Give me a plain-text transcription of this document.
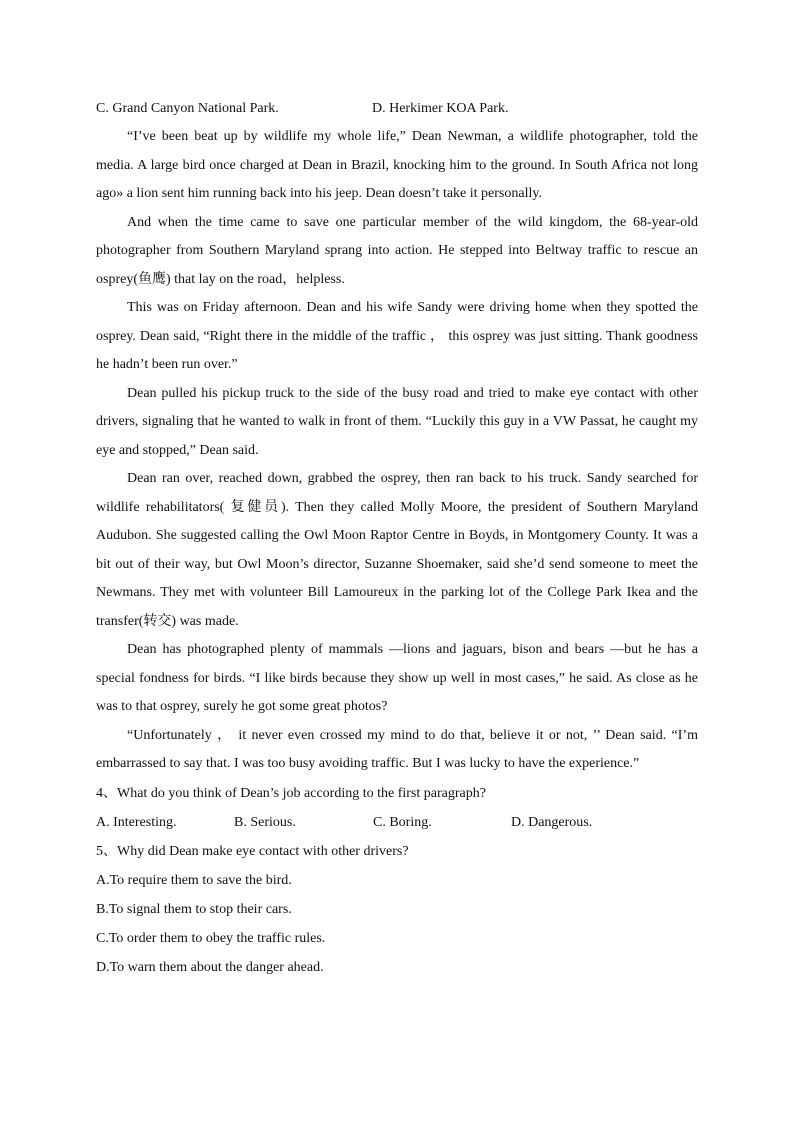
C. Grand Canyon National Park.	D. Herkimer KOA Park.

“I’ve been beat up by wildlife my whole life,” Dean Newman, a wildlife photographer, told the media. A large bird once charged at Dean in Brazil, knocking him to the ground. In South Africa not long ago» a lion sent him running back into his jeep. Dean doesn’t take it personally.

And when the time came to save one particular member of the wild kingdom, the 68-year-old photographer from Southern Maryland sprang into action. He stepped into Beltway traffic to rescue an osprey(鱼鹰) that lay on the road，helpless.

This was on Friday afternoon. Dean and his wife Sandy were driving home when they spotted the osprey. Dean said, “Right there in the middle of the traffic ， this osprey was just sitting. Thank goodness he hadn’t been run over.”

Dean pulled his pickup truck to the side of the busy road and tried to make eye contact with other drivers, signaling that he wanted to walk in front of them. “Luckily this guy in a VW Passat, he caught my eye and stopped,” Dean said.

Dean ran over, reached down, grabbed the osprey, then ran back to his truck. Sandy searched for wildlife rehabilitators( 复健员). Then they called Molly Moore, the president of Southern Maryland Audubon. She suggested calling the Owl Moon Raptor Centre in Boyds, in Montgomery County. It was a bit out of their way, but Owl Moon’s director, Suzanne Shoemaker, said she’d send someone to meet the Newmans. They met with volunteer Bill Lamoureux in the parking lot of the College Park Ikea and the transfer(转交) was made.

Dean has photographed plenty of mammals —lions and jaguars, bison and bears —but he has a special fondness for birds. “I like birds because they show up well in most cases,” he said. As close as he was to that osprey, surely he got some great photos?

“Unfortunately ， it never even crossed my mind to do that, believe it or not, ’’ Dean said. “I’m embarrassed to say that. I was too busy avoiding traffic. But I was lucky to have the experience.”

4、What do you think of Dean’s job according to the first paragraph?
A. Interesting.	B. Serious.	C. Boring.	D. Dangerous.
5、Why did Dean make eye contact with other drivers?
A.To require them to save the bird.
B.To signal them to stop their cars.
C.To order them to obey the traffic rules.
D.To warn them about the danger ahead.
